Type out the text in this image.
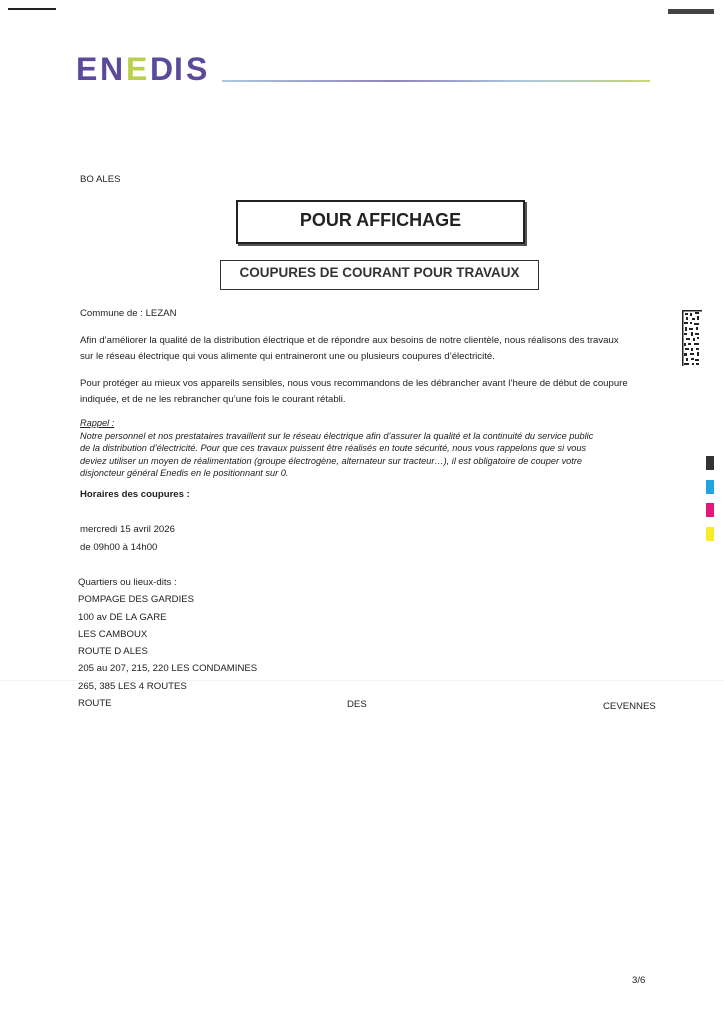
E N E D I S
BO ALES
POUR AFFICHAGE
COUPURES DE COURANT POUR TRAVAUX
Commune de : LEZAN
Afin d’améliorer la qualité de la distribution électrique et de répondre aux besoins de notre clientèle, nous réalisons des travaux
sur le réseau électrique qui vous alimente qui entraineront une ou plusieurs coupures d’électricité.
Pour protéger au mieux vos appareils sensibles, nous vous recommandons de les débrancher avant l’heure de début de coupure
indiquée, et de ne les rebrancher qu’une fois le courant rétabli.
Rappel :
Notre personnel et nos prestataires travaillent sur le réseau électrique afin d’assurer la qualité et la continuité du service public
de la distribution d’électricité. Pour que ces travaux puissent être réalisés en toute sécurité, nous vous rappelons que si vous
deviez utiliser un moyen de réalimentation (groupe électrogène, alternateur sur tracteur…), il est obligatoire de couper votre
disjoncteur général Enedis en le positionnant sur 0.
Horaires des coupures :
mercredi 15 avril 2026
de 09h00 à 14h00
Quartiers ou lieux-dits :
POMPAGE DES GARDIES
100 av DE LA GARE
LES CAMBOUX
ROUTE D ALES
205 au 207, 215, 220 LES CONDAMINES
265, 385 LES 4 ROUTES
ROUTE	DES	CEVENNES
3/6
